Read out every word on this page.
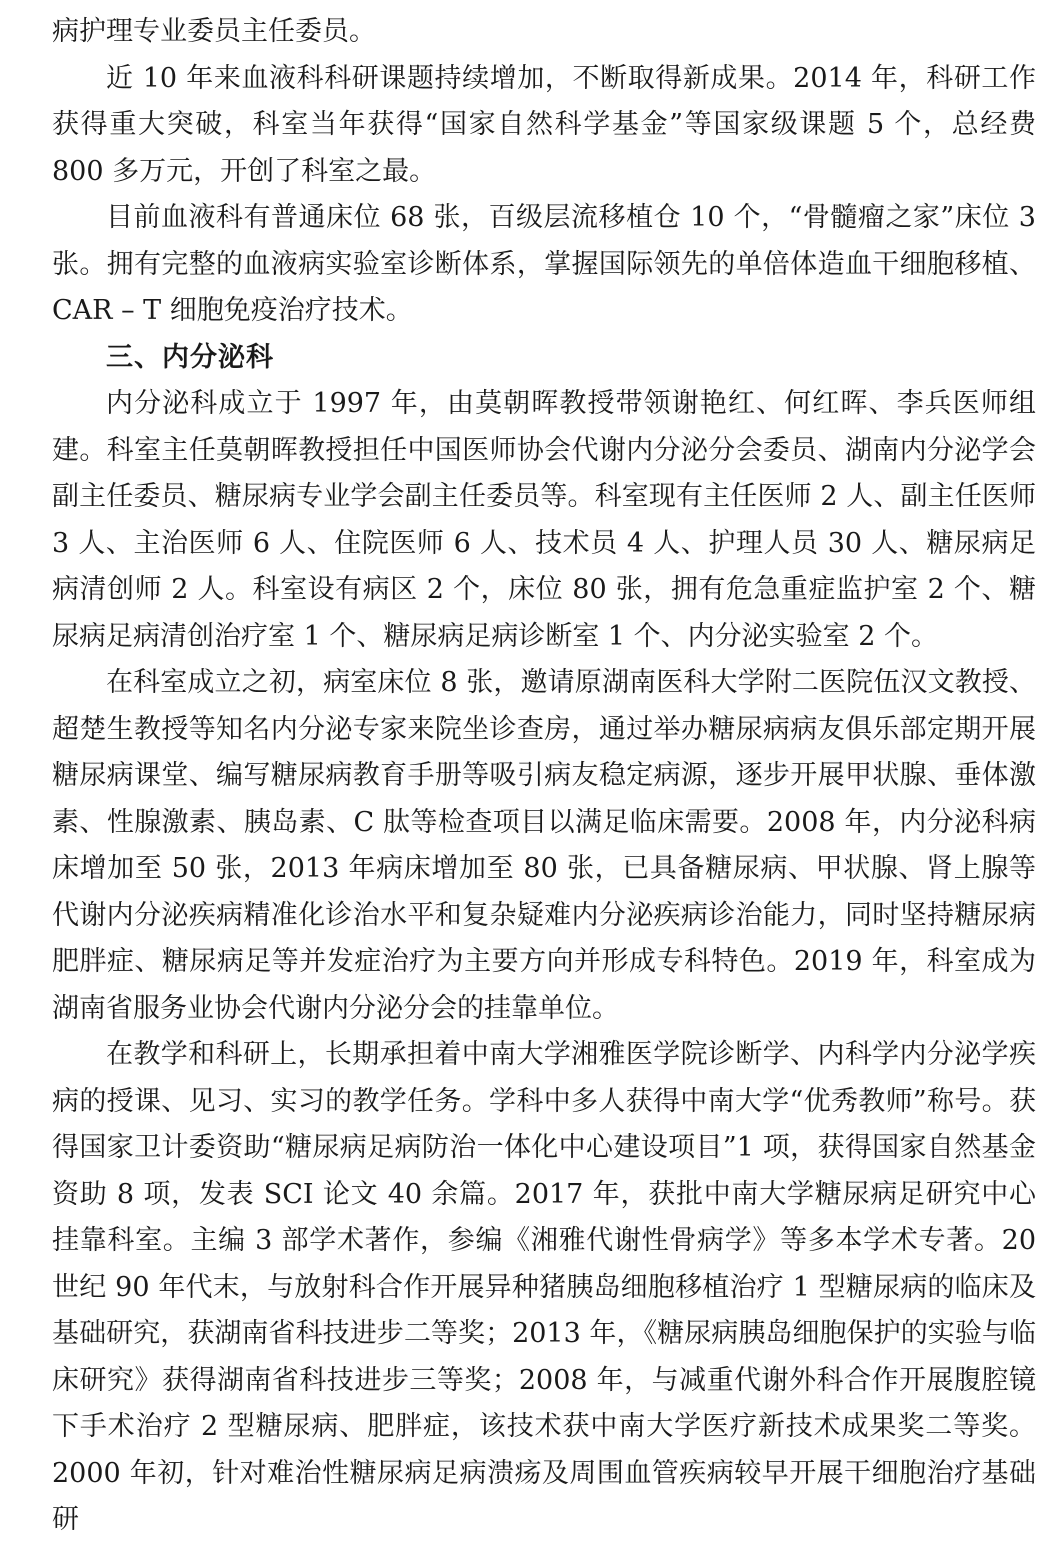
病护理专业委员主任委员。

近 10 年来血液科科研课题持续增加，不断取得新成果。2014 年，科研工作获得重大突破，科室当年获得“国家自然科学基金”等国家级课题 5 个，总经费 800 多万元，开创了科室之最。

目前血液科有普通床位 68 张，百级层流移植仓 10 个，“骨髓瘤之家”床位 3 张。拥有完整的血液病实验室诊断体系，掌握国际领先的单倍体造血干细胞移植、CAR – T 细胞免疫治疗技术。

三、内分泌科

内分泌科成立于 1997 年，由莫朝晖教授带领谢艳红、何红晖、李兵医师组建。科室主任莫朝晖教授担任中国医师协会代谢内分泌分会委员、湖南内分泌学会副主任委员、糖尿病专业学会副主任委员等。科室现有主任医师 2 人、副主任医师 3 人、主治医师 6 人、住院医师 6 人、技术员 4 人、护理人员 30 人、糖尿病足病清创师 2 人。科室设有病区 2 个，床位 80 张，拥有危急重症监护室 2 个、糖尿病足病清创治疗室 1 个、糖尿病足病诊断室 1 个、内分泌实验室 2 个。

在科室成立之初，病室床位 8 张，邀请原湖南医科大学附二医院伍汉文教授、超楚生教授等知名内分泌专家来院坐诊查房，通过举办糖尿病病友俱乐部定期开展糖尿病课堂、编写糖尿病教育手册等吸引病友稳定病源，逐步开展甲状腺、垂体激素、性腺激素、胰岛素、C 肽等检查项目以满足临床需要。2008 年，内分泌科病床增加至 50 张，2013 年病床增加至 80 张，已具备糖尿病、甲状腺、肾上腺等代谢内分泌疾病精准化诊治水平和复杂疑难内分泌疾病诊治能力，同时坚持糖尿病肥胖症、糖尿病足等并发症治疗为主要方向并形成专科特色。2019 年，科室成为湖南省服务业协会代谢内分泌分会的挂靠单位。

在教学和科研上，长期承担着中南大学湘雅医学院诊断学、内科学内分泌学疾病的授课、见习、实习的教学任务。学科中多人获得中南大学“优秀教师”称号。获得国家卫计委资助“糖尿病足病防治一体化中心建设项目”1 项，获得国家自然基金资助 8 项，发表 SCI 论文 40 余篇。2017 年，获批中南大学糖尿病足研究中心挂靠科室。主编 3 部学术著作，参编《湘雅代谢性骨病学》等多本学术专著。20 世纪 90 年代末，与放射科合作开展异种猪胰岛细胞移植治疗 1 型糖尿病的临床及基础研究，获湖南省科技进步二等奖；2013 年，《糖尿病胰岛细胞保护的实验与临床研究》获得湖南省科技进步三等奖；2008 年，与减重代谢外科合作开展腹腔镜下手术治疗 2 型糖尿病、肥胖症，该技术获中南大学医疗新技术成果奖二等奖。2000 年初，针对难治性糖尿病足病溃疡及周围血管疾病较早开展干细胞治疗基础研
